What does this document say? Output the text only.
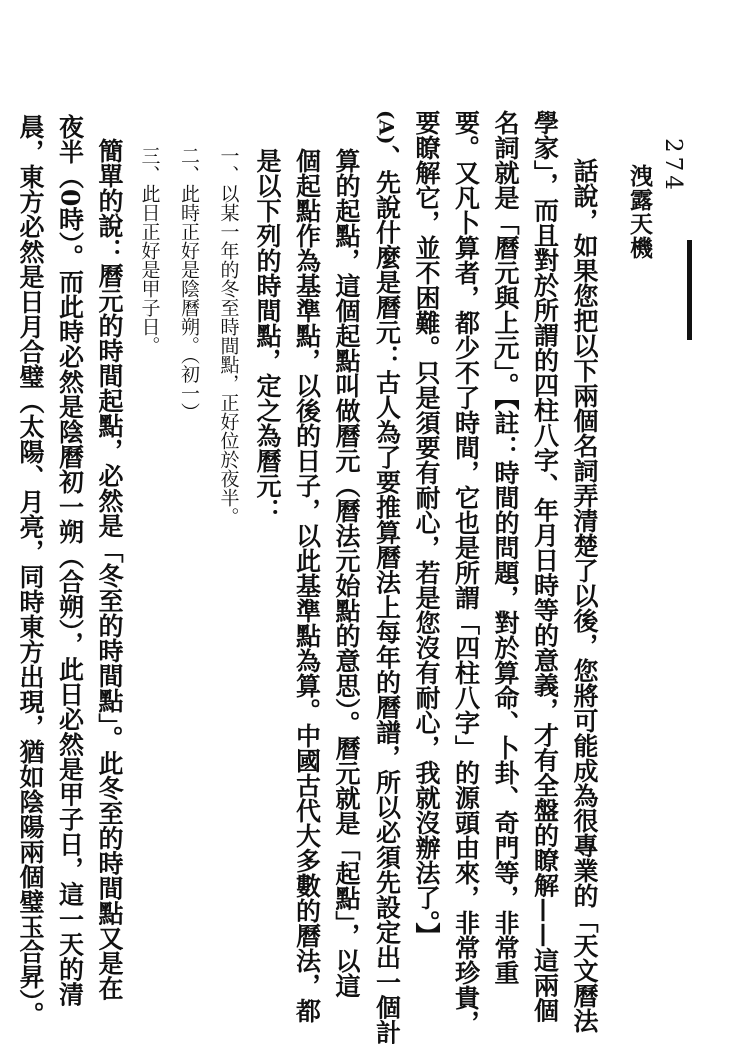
274
洩露天機
話說，如果您把以下兩個名詞弄清楚了以後，您將可能成為很專業的「天文曆法
學家」，而且對於所謂的四柱八字、年月日時等的意義，才有全盤的瞭解——這兩個
名詞就是「曆元與上元」。【註：時間的問題，對於算命、卜卦、奇門等，非常重
要。又凡卜算者，都少不了時間，它也是所謂「四柱八字」的源頭由來，非常珍貴，
要瞭解它，並不困難。只是須要有耐心，若是您沒有耐心，我就沒辦法了。】
(A)、先說什麼是曆元：古人為了要推算曆法上每年的曆譜，所以必須先設定出一個計
算的起點，這個起點叫做曆元（曆法元始點的意思）。曆元就是「起點」，以這
個起點作為基準點，以後的日子，以此基準點為算。中國古代大多數的曆法，都
是以下列的時間點，定之為曆元：
一、以某一年的冬至時間點，正好位於夜半。
二、此時正好是陰曆朔。（初一）
三、此日正好是甲子日。
簡單的說：曆元的時間起點，必然是「冬至的時間點」。此冬至的時間點又是在
夜半（0時）。而此時必然是陰曆初一朔（合朔），此日必然是甲子日，這一天的清
晨，東方必然是日月合璧（太陽、月亮，同時東方出現，猶如陰陽兩個璧玉合昇）。
